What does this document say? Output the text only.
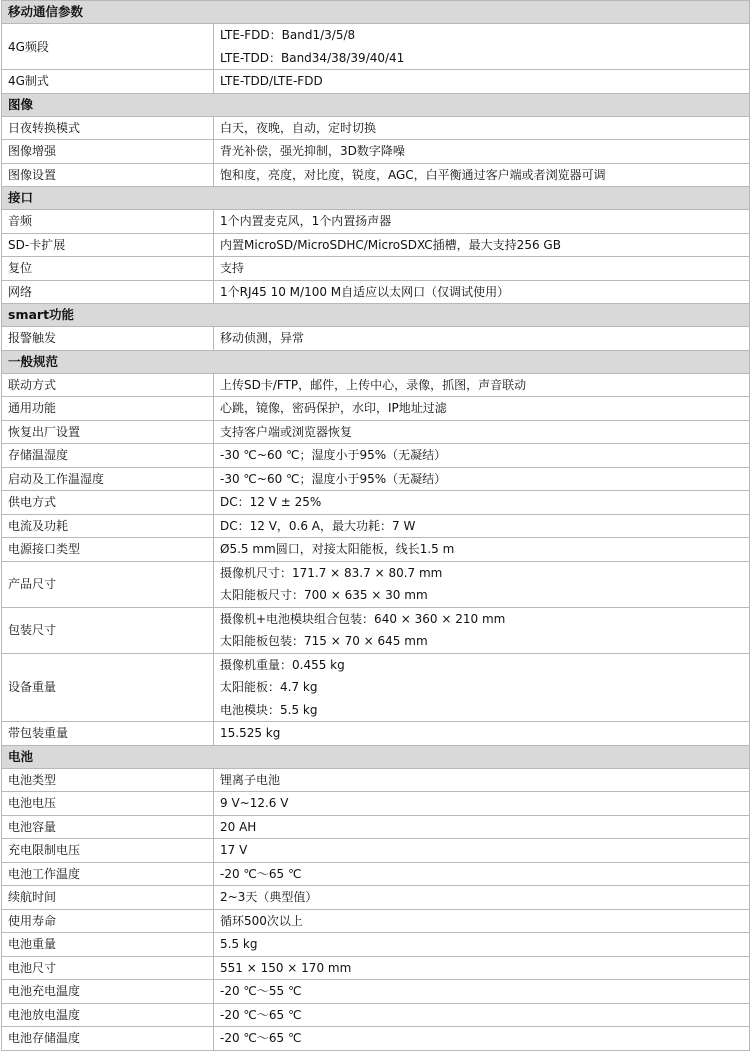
移动通信参数	
4G频段	LTE-FDD：Band1/3/5/8
LTE-TDD：Band34/38/39/40/41

4G制式	LTE-TDD/LTE-FDD

图像	
日夜转换模式	白天，夜晚，自动，定时切换

图像增强	背光补偿，强光抑制，3D数字降噪

图像设置	饱和度，亮度，对比度，锐度，AGC，白平衡通过客户端或者浏览器可调

接口	
音频	1个内置麦克风，1个内置扬声器

SD-卡扩展	内置MicroSD/MicroSDHC/MicroSDXC插槽，最大支持256 GB

复位	支持

网络	1个RJ45 10 M/100 M自适应以太网口（仅调试使用）

smart功能	
报警触发	移动侦测，异常

一般规范	
联动方式	上传SD卡/FTP，邮件，上传中心，录像，抓图，声音联动

通用功能	心跳，镜像，密码保护，水印，IP地址过滤

恢复出厂设置	支持客户端或浏览器恢复

存储温湿度	-30 ℃~60 ℃；湿度小于95%（无凝结）

启动及工作温湿度	-30 ℃~60 ℃；湿度小于95%（无凝结）

供电方式	DC：12 V ± 25%

电流及功耗	DC：12 V，0.6 A，最大功耗：7 W

电源接口类型	Ø5.5 mm圆口，对接太阳能板，线长1.5 m

产品尺寸	摄像机尺寸：171.7 × 83.7 × 80.7 mm
太阳能板尺寸：700 × 635 × 30 mm

包装尺寸	摄像机+电池模块组合包装：640 × 360 × 210 mm
太阳能板包装：715 × 70 × 645 mm

设备重量	摄像机重量：0.455 kg
太阳能板：4.7 kg
电池模块：5.5 kg

带包装重量	15.525 kg

电池	
电池类型	锂离子电池

电池电压	9 V~12.6 V

电池容量	20 AH

充电限制电压	17 V

电池工作温度	-20 ℃～65 ℃

续航时间	2~3天（典型值）

使用寿命	循环500次以上

电池重量	5.5 kg

电池尺寸	551 × 150 × 170 mm

电池充电温度	-20 ℃～55 ℃

电池放电温度	-20 ℃～65 ℃

电池存储温度	-20 ℃～65 ℃
